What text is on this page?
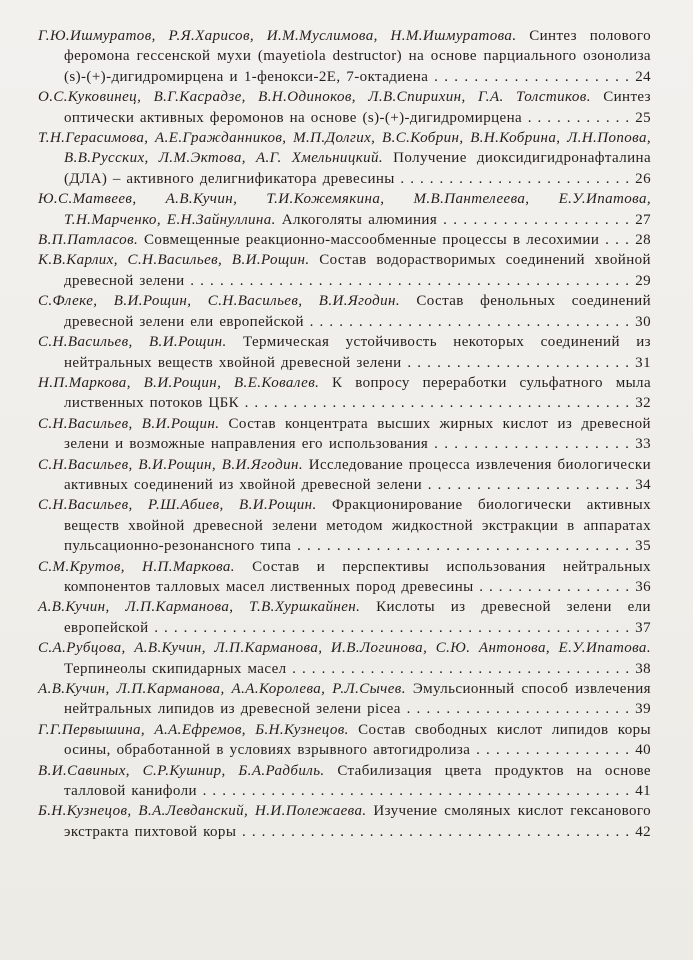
Г.Ю.Ишмуратов, Р.Я.Харисов, И.М.Муслимова, Н.М.Ишмуратова. Синтез полового феромона гессенской мухи (mayetiola destructor) на основе парциального озонолиза (s)-(+)-дигидромирцена и 1-фенокси-2Е, 7-октадиена . . . . . . . . . . . . . . . . . . . . 24

О.С.Куковинец, В.Г.Касрадзе, В.Н.Одиноков, Л.В.Спирихин, Г.А. Толстиков. Синтез оптически активных феромонов на основе (s)-(+)-дигидромирцена . . . . . . . . . . . 25

Т.Н.Герасимова, А.Е.Гражданников, М.П.Долгих, В.С.Кобрин, В.Н.Кобрина, Л.Н.Попова, В.В.Русских, Л.М.Эктова, А.Г. Хмельницкий. Получение диоксидигидронафталина (ДЛА) – активного делигнификатора древесины . . . . . . . . . . . . . . . . . . . . . . . . 26

Ю.С.Матвеев, А.В.Кучин, Т.И.Кожемякина, М.В.Пантелеева, Е.У.Ипатова, Т.Н.Марченко, Е.Н.Зайнуллина. Алкоголяты алюминия . . . . . . . . . . . . . . . . . . . 27

В.П.Патласов. Совмещенные реакционно-массообменные процессы в лесохимии . . . 28

К.В.Карлих, С.Н.Васильев, В.И.Рощин. Состав водорастворимых соединений хвойной древесной зелени . . . . . . . . . . . . . . . . . . . . . . . . . . . . . . . . . . . . . . . . . . . . . 29

С.Флеке, В.И.Рощин, С.Н.Васильев, В.И.Ягодин. Состав фенольных соединений древесной зелени ели европейской . . . . . . . . . . . . . . . . . . . . . . . . . . . . . . . . . 30

С.Н.Васильев, В.И.Рощин. Термическая устойчивость некоторых соединений из нейтральных веществ хвойной древесной зелени . . . . . . . . . . . . . . . . . . . . . . . 31

Н.П.Маркова, В.И.Рощин, В.Е.Ковалев. К вопросу переработки сульфатного мыла лиственных потоков ЦБК . . . . . . . . . . . . . . . . . . . . . . . . . . . . . . . . . . . . . . . . 32

С.Н.Васильев, В.И.Рощин. Состав концентрата высших жирных кислот из древесной зелени и возможные направления его использования . . . . . . . . . . . . . . . . . . . . 33

С.Н.Васильев, В.И.Рощин, В.И.Ягодин. Исследование процесса извлечения биологически активных соединений из хвойной древесной зелени . . . . . . . . . . . . . . . . . . . . . 34

С.Н.Васильев, Р.Ш.Абиев, В.И.Рощин. Фракционирование биологически активных веществ хвойной древесной зелени методом жидкостной экстракции в аппаратах пульсационно-резонансного типа . . . . . . . . . . . . . . . . . . . . . . . . . . . . . . . . . . 35

С.М.Крутов, Н.П.Маркова. Состав и перспективы использования нейтральных компонентов талловых масел лиственных пород древесины . . . . . . . . . . . . . . . . 36

А.В.Кучин, Л.П.Карманова, Т.В.Хуршкайнен. Кислоты из древесной зелени ели европейской . . . . . . . . . . . . . . . . . . . . . . . . . . . . . . . . . . . . . . . . . . . . . . . . . 37

С.А.Рубцова, А.В.Кучин, Л.П.Карманова, И.В.Логинова, С.Ю. Антонова, Е.У.Ипатова. Терпинеолы скипидарных масел . . . . . . . . . . . . . . . . . . . . . . . . . . . . . . . . . . . 38

А.В.Кучин, Л.П.Карманова, А.А.Королева, Р.Л.Сычев. Эмульсионный способ извлечения нейтральных липидов из древесной зелени picea . . . . . . . . . . . . . . . . . . . . . . . 39

Г.Г.Первышина, А.А.Ефремов, Б.Н.Кузнецов. Состав свободных кислот липидов коры осины, обработанной в условиях взрывного автогидролиза . . . . . . . . . . . . . . . . 40

В.И.Савиных, С.Р.Кушнир, Б.А.Радбиль. Стабилизация цвета продуктов на основе талловой канифоли . . . . . . . . . . . . . . . . . . . . . . . . . . . . . . . . . . . . . . . . . . . . 41

Б.Н.Кузнецов, В.А.Левданский, Н.И.Полежаева. Изучение смоляных кислот гексанового экстракта пихтовой коры . . . . . . . . . . . . . . . . . . . . . . . . . . . . . . . . . . . . . . . . 42
